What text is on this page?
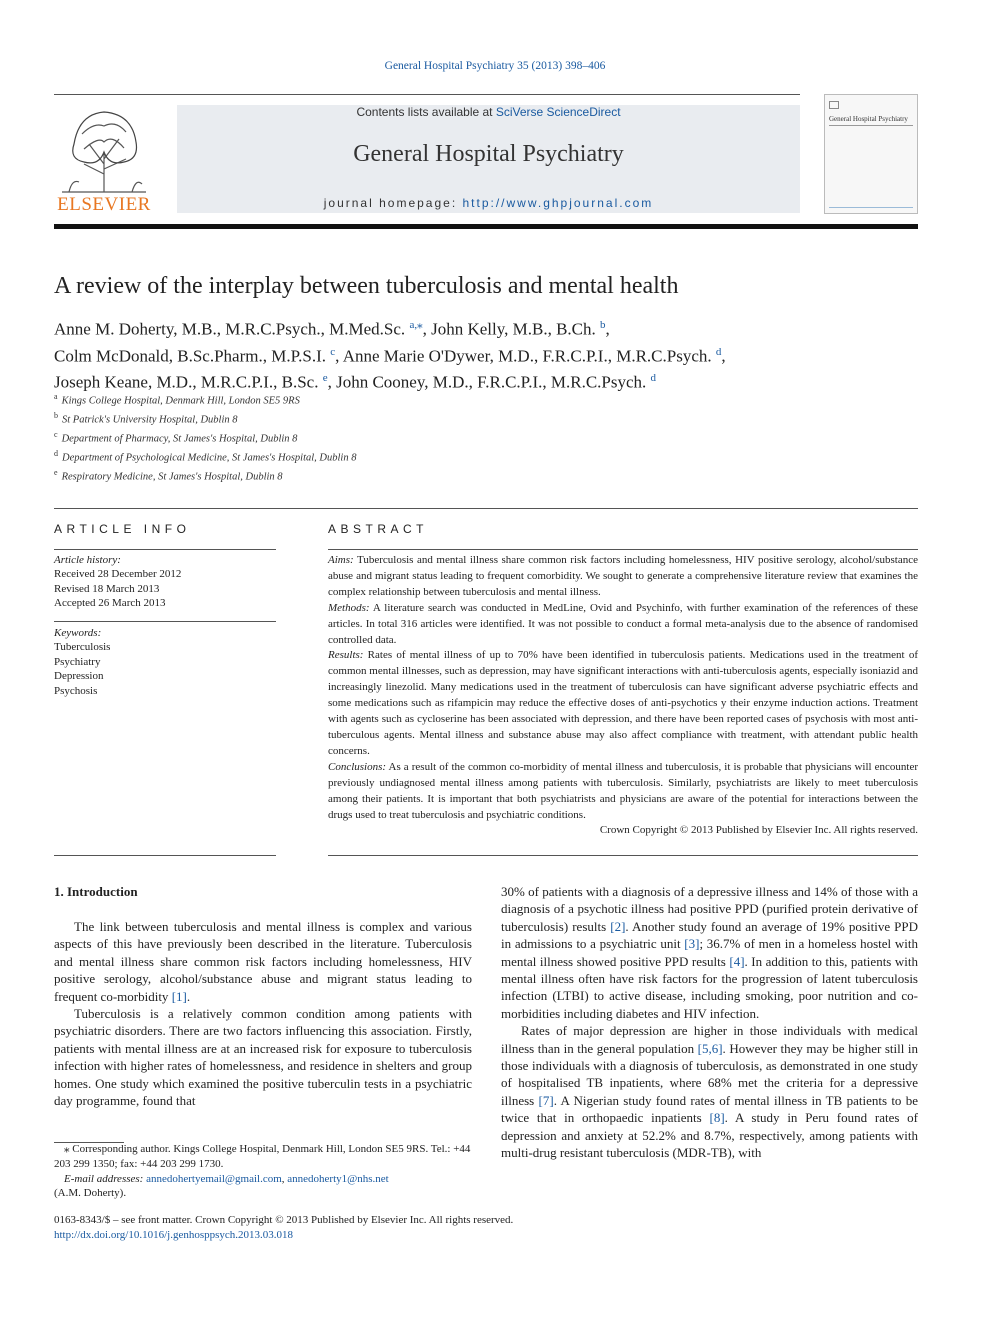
General Hospital Psychiatry 35 (2013) 398–406
Contents lists available at SciVerse ScienceDirect
General Hospital Psychiatry
journal homepage: http://www.ghpjournal.com
ELSEVIER
General Hospital Psychiatry
A review of the interplay between tuberculosis and mental health
Anne M. Doherty, M.B., M.R.C.Psych., M.Med.Sc. $^{a,⁎}$, John Kelly, M.B., B.Ch. $^b$,
Colm McDonald, B.Sc.Pharm., M.P.S.I. $^c$, Anne Marie O'Dywer, M.D., F.R.C.P.I., M.R.C.Psych. $^d$,
Joseph Keane, M.D., M.R.C.P.I., B.Sc. $^e$, John Cooney, M.D., F.R.C.P.I., M.R.C.Psych. $^d$
$^a$ Kings College Hospital, Denmark Hill, London SE5 9RS
$^b$ St Patrick's University Hospital, Dublin 8
$^c$ Department of Pharmacy, St James's Hospital, Dublin 8
$^d$ Department of Psychological Medicine, St James's Hospital, Dublin 8
$^e$ Respiratory Medicine, St James's Hospital, Dublin 8
ARTICLE INFO	ABSTRACT
Article history:
Received 28 December 2012
Revised 18 March 2013
Accepted 26 March 2013
Keywords:
Tuberculosis
Psychiatry
Depression
Psychosis
Aims: Tuberculosis and mental illness share common risk factors including homelessness, HIV positive serology, alcohol/substance abuse and migrant status leading to frequent comorbidity. We sought to generate a comprehensive literature review that examines the complex relationship between tuberculosis and mental illness.
Methods: A literature search was conducted in MedLine, Ovid and Psychinfo, with further examination of the references of these articles. In total 316 articles were identified. It was not possible to conduct a formal meta-analysis due to the absence of randomised controlled data.
Results: Rates of mental illness of up to 70% have been identified in tuberculosis patients. Medications used in the treatment of common mental illnesses, such as depression, may have significant interactions with anti-tuberculosis agents, especially isoniazid and increasingly linezolid. Many medications used in the treatment of tuberculosis can have significant adverse psychiatric effects and some medications such as rifampicin may reduce the effective doses of anti-psychotics y their enzyme induction actions. Treatment with agents such as cycloserine has been associated with depression, and there have been reported cases of psychosis with most anti-tuberculous agents. Mental illness and substance abuse may also affect compliance with treatment, with attendant public health concerns.
Conclusions: As a result of the common co-morbidity of mental illness and tuberculosis, it is probable that physicians will encounter previously undiagnosed mental illness among patients with tuberculosis. Similarly, psychiatrists are likely to meet tuberculosis among their patients. It is important that both psychiatrists and physicians are aware of the potential for interactions between the drugs used to treat tuberculosis and psychiatric conditions.
Crown Copyright © 2013 Published by Elsevier Inc. All rights reserved.
1. Introduction

The link between tuberculosis and mental illness is complex and various aspects of this have previously been described in the literature. Tuberculosis and mental illness share common risk factors including homelessness, HIV positive serology, alcohol/substance abuse and migrant status leading to frequent co-morbidity [1].

Tuberculosis is a relatively common condition among patients with psychiatric disorders. There are two factors influencing this association. Firstly, patients with mental illness are at an increased risk for exposure to tuberculosis infection with higher rates of homelessness, and residence in shelters and group homes. One study which examined the positive tuberculin tests in a psychiatric day programme, found that

30% of patients with a diagnosis of a depressive illness and 14% of those with a diagnosis of a psychotic illness had positive PPD (purified protein derivative of tuberculosis) results [2]. Another study found an average of 19% positive PPD in admissions to a psychiatric unit [3]; 36.7% of men in a homeless hostel with mental illness showed positive PPD results [4]. In addition to this, patients with mental illness often have risk factors for the progression of latent tuberculosis infection (LTBI) to active disease, including smoking, poor nutrition and co-morbidities including diabetes and HIV infection.

Rates of major depression are higher in those individuals with medical illness than in the general population [5,6]. However they may be higher still in those individuals with a diagnosis of tuberculosis, as demonstrated in one study of hospitalised TB inpatients, where 68% met the criteria for a depressive illness [7]. A Nigerian study found rates of mental illness in TB patients to be twice that in orthopaedic inpatients [8]. A study in Peru found rates of depression and anxiety at 52.2% and 8.7%, respectively, among patients with multi-drug resistant tuberculosis (MDR-TB), with

⁎ Corresponding author. Kings College Hospital, Denmark Hill, London SE5 9RS. Tel.: +44 203 299 1350; fax: +44 203 299 1730.
E-mail addresses: annedohertyemail@gmail.com, annedoherty1@nhs.net
(A.M. Doherty).
0163-8343/$ – see front matter. Crown Copyright © 2013 Published by Elsevier Inc. All rights reserved.
http://dx.doi.org/10.1016/j.genhosppsych.2013.03.018
